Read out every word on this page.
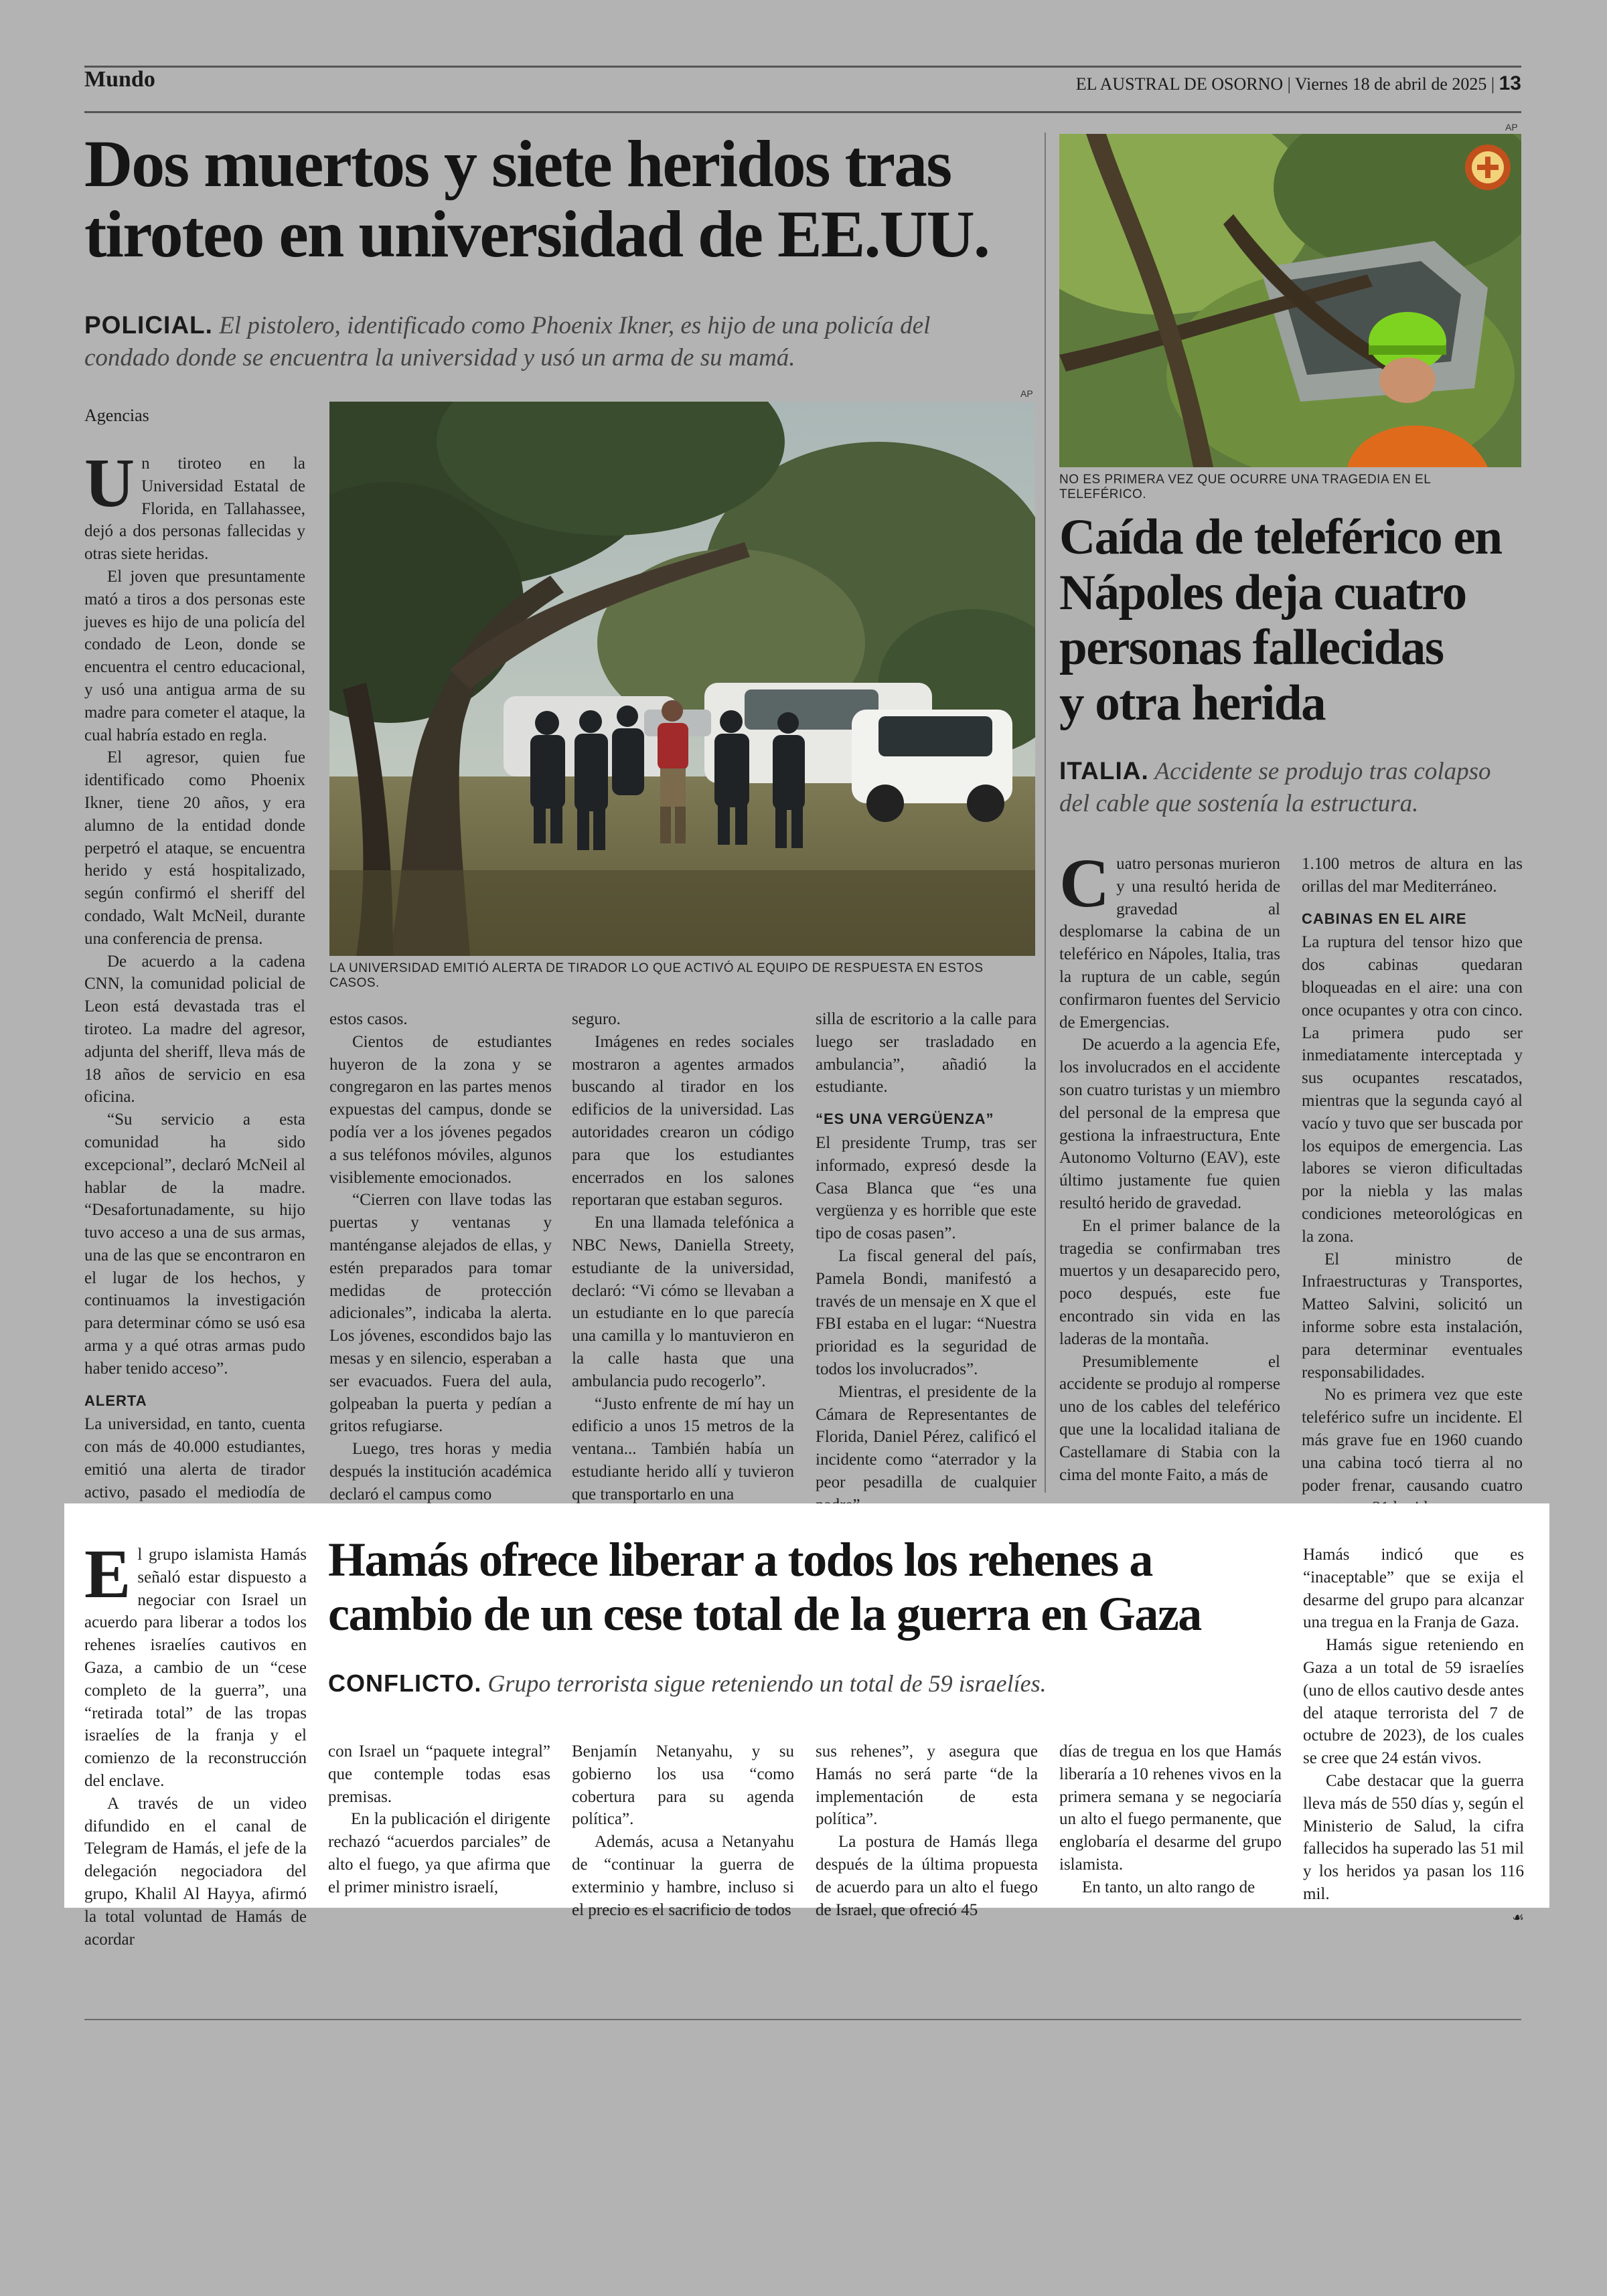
Mundo	EL AUSTRAL DE OSORNO | Viernes 18 de abril de 2025 | 13
Dos muertos y siete heridos tras
tiroteo en universidad de EE.UU.
POLICIAL. El pistolero, identificado como Phoenix Ikner, es hijo de una policía del
condado donde se encuentra la universidad y usó un arma de su mamá.
Agencias
AP
LA UNIVERSIDAD EMITIÓ ALERTA DE TIRADOR LO QUE ACTIVÓ AL EQUIPO DE RESPUESTA EN ESTOS CASOS.
U n tiroteo en la Universidad Estatal de Florida, en Tallahassee, dejó a dos personas fallecidas y otras siete heridas.

El joven que presuntamente mató a tiros a dos personas este jueves es hijo de una policía del condado de Leon, donde se encuentra el centro educacional, y usó una antigua arma de su madre para cometer el ataque, la cual habría estado en regla.

El agresor, quien fue identificado como Phoenix Ikner, tiene 20 años, y era alumno de la entidad donde perpetró el ataque, se encuentra herido y está hospitalizado, según confirmó el sheriff del condado, Walt McNeil, durante una conferencia de prensa.

De acuerdo a la cadena CNN, la comunidad policial de Leon está devastada tras el tiroteo. La madre del agresor, adjunta del sheriff, lleva más de 18 años de servicio en esa oficina.

“Su servicio a esta comunidad ha sido excepcional”, declaró McNeil al hablar de la madre. “Desafortunadamente, su hijo tuvo acceso a una de sus armas, una de las que se encontraron en el lugar de los hechos, y continuamos la investigación para determinar cómo se usó esa arma y a qué otras armas pudo haber tenido acceso”.

ALERTA

La universidad, en tanto, cuenta con más de 40.000 estudiantes, emitió una alerta de tirador activo, pasado el mediodía de

estos casos.

Cientos de estudiantes huyeron de la zona y se congregaron en las partes menos expuestas del campus, donde se podía ver a los jóvenes pegados a sus teléfonos móviles, algunos visiblemente emocionados.

“Cierren con llave todas las puertas y ventanas y manténganse alejados de ellas, y estén preparados para tomar medidas de protección adicionales”, indicaba la alerta. Los jóvenes, escondidos bajo las mesas y en silencio, esperaban a ser evacuados. Fuera del aula, golpeaban la puerta y pedían a gritos refugiarse.

Luego, tres horas y media después la institución académica declaró el campus como

seguro.

Imágenes en redes sociales mostraron a agentes armados buscando al tirador en los edificios de la universidad. Las autoridades crearon un código para que los estudiantes encerrados en los salones reportaran que estaban seguros.

En una llamada telefónica a NBC News, Daniella Streety, estudiante de la universidad, declaró: “Vi cómo se llevaban a un estudiante en lo que parecía una camilla y lo mantuvieron en la calle hasta que una ambulancia pudo recogerlo”.

“Justo enfrente de mí hay un edificio a unos 15 metros de la ventana... También había un estudiante herido allí y tuvieron que transportarlo en una

silla de escritorio a la calle para luego ser trasladado en ambulancia”, añadió la estudiante.

“ES UNA VERGÜENZA”

El presidente Trump, tras ser informado, expresó desde la Casa Blanca que “es una vergüenza y es horrible que este tipo de cosas pasen”.

La fiscal general del país, Pamela Bondi, manifestó a través de un mensaje en X que el FBI estaba en el lugar: “Nuestra prioridad es la seguridad de todos los involucrados”.

Mientras, el presidente de la Cámara de Representantes de Florida, Daniel Pérez, calificó el incidente como “aterrador y la peor pesadilla de cualquier

AP
NO ES PRIMERA VEZ QUE OCURRE UNA TRAGEDIA EN EL TELEFÉRICO.
Caída de teleférico en
Nápoles deja cuatro
personas fallecidas
y otra herida
ITALIA. Accidente se produjo tras colapso
del cable que sostenía la estructura.
C uatro personas murieron y una resultó herida de gravedad al desplomarse la cabina de un teleférico en Nápoles, Italia, tras la ruptura de un cable, según confirmaron fuentes del Servicio de Emergencias.

De acuerdo a la agencia Efe, los involucrados en el accidente son cuatro turistas y un miembro del personal de la empresa que gestiona la infraestructura, Ente Autonomo Volturno (EAV), este último justamente fue quien resultó herido de gravedad.

En el primer balance de la tragedia se confirmaban tres muertos y un desaparecido pero, poco después, este fue encontrado sin vida en las laderas de la montaña.

Presumiblemente el accidente se produjo al romperse uno de los cables del teleférico que une la localidad italiana de Castellamare di Stabia con la cima del monte Faito, a más de

1.100 metros de altura en las orillas del mar Mediterráneo.

CABINAS EN EL AIRE

La ruptura del tensor hizo que dos cabinas quedaran bloqueadas en el aire: una con once ocupantes y otra con cinco. La primera pudo ser inmediatamente interceptada y sus ocupantes rescatados, mientras que la segunda cayó al vacío y tuvo que ser buscada por los equipos de emergencia. Las labores se vieron dificultadas por la niebla y las malas condiciones meteorológicas en la zona.

El ministro de Infraestructuras y Transportes, Matteo Salvini, solicitó un informe sobre esta instalación, para determinar eventuales responsabilidades.

No es primera vez que este teleférico sufre un incidente. El más grave fue en 1960 cuando una cabina tocó tierra al no poder frenar, causando cuatro

E l grupo islamista Hamás señaló estar dispuesto a negociar con Israel un acuerdo para liberar a todos los rehenes israelíes cautivos en Gaza, a cambio de un “cese completo de la guerra”, una “retirada total” de las tropas israelíes de la franja y el comienzo de la reconstrucción del enclave.

A través de un video difundido en el canal de Telegram de Hamás, el jefe de la delegación negociadora del grupo, Khalil Al Hayya, afirmó la total voluntad de Hamás de acordar

Hamás ofrece liberar a todos los rehenes a
cambio de un cese total de la guerra en Gaza
CONFLICTO. Grupo terrorista sigue reteniendo un total de 59 israelíes.

con Israel un “paquete integral” que contemple todas esas premisas.

En la publicación el dirigente rechazó “acuerdos parciales” de alto el fuego, ya que afirma que el primer ministro israelí,

Benjamín Netanyahu, y su gobierno los usa “como cobertura para su agenda política”.

Además, acusa a Netanyahu de “continuar la guerra de exterminio y hambre, incluso si el precio es el sacrificio de todos

sus rehenes”, y asegura que Hamás no será parte “de la implementación de esta política”.

La postura de Hamás llega después de la última propuesta de acuerdo para un alto el fuego de Israel, que ofreció 45

días de tregua en los que Hamás liberaría a 10 rehenes vivos en la primera semana y se negociaría un alto el fuego permanente, que englobaría el desarme del grupo islamista.

En tanto, un alto rango de

Hamás indicó que es “inaceptable” que se exija el desarme del grupo para alcanzar una tregua en la Franja de Gaza.

Hamás sigue reteniendo en Gaza a un total de 59 israelíes (uno de ellos cautivo desde antes del ataque terrorista del 7 de octubre de 2023), de los cuales se cree que 24 están vivos.

Cabe destacar que la guerra lleva más de 550 días y, según el Ministerio de Salud, la cifra fallecidos ha superado las 51 mil y los heridos ya pasan los 116 mil.

☙
